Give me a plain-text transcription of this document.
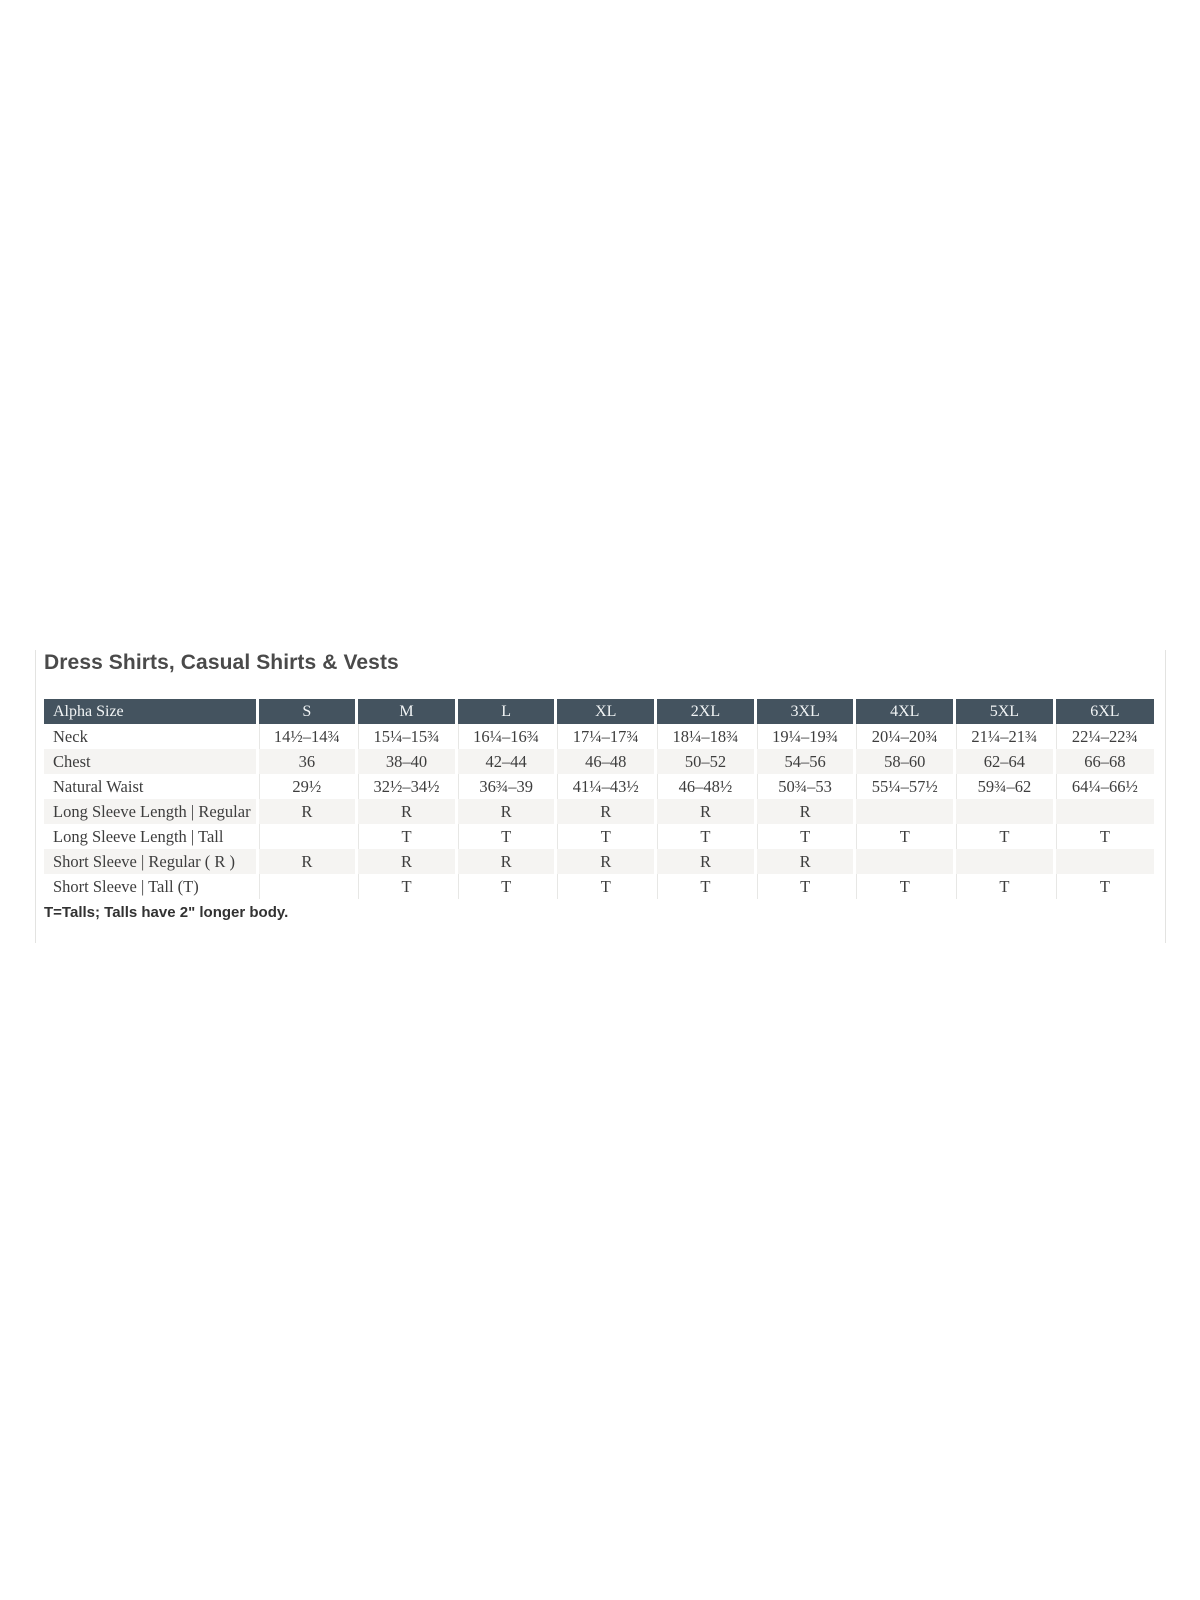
Dress Shirts, Casual Shirts & Vests
Alpha Size	S	M	L	XL	2XL	3XL	4XL	5XL	6XL
Neck	14½–14¾	15¼–15¾	16¼–16¾	17¼–17¾	18¼–18¾	19¼–19¾	20¼–20¾	21¼–21¾	22¼–22¾
Chest	36	38–40	42–44	46–48	50–52	54–56	58–60	62–64	66–68
Natural Waist	29½	32½–34½	36¾–39	41¼–43½	46–48½	50¾–53	55¼–57½	59¾–62	64¼–66½
Long Sleeve Length | Regular	R	R	R	R	R	R			
Long Sleeve Length | Tall		T	T	T	T	T	T	T	T
Short Sleeve | Regular ( R )	R	R	R	R	R	R			
Short Sleeve | Tall (T)		T	T	T	T	T	T	T	T

T=Talls; Talls have 2" longer body.
